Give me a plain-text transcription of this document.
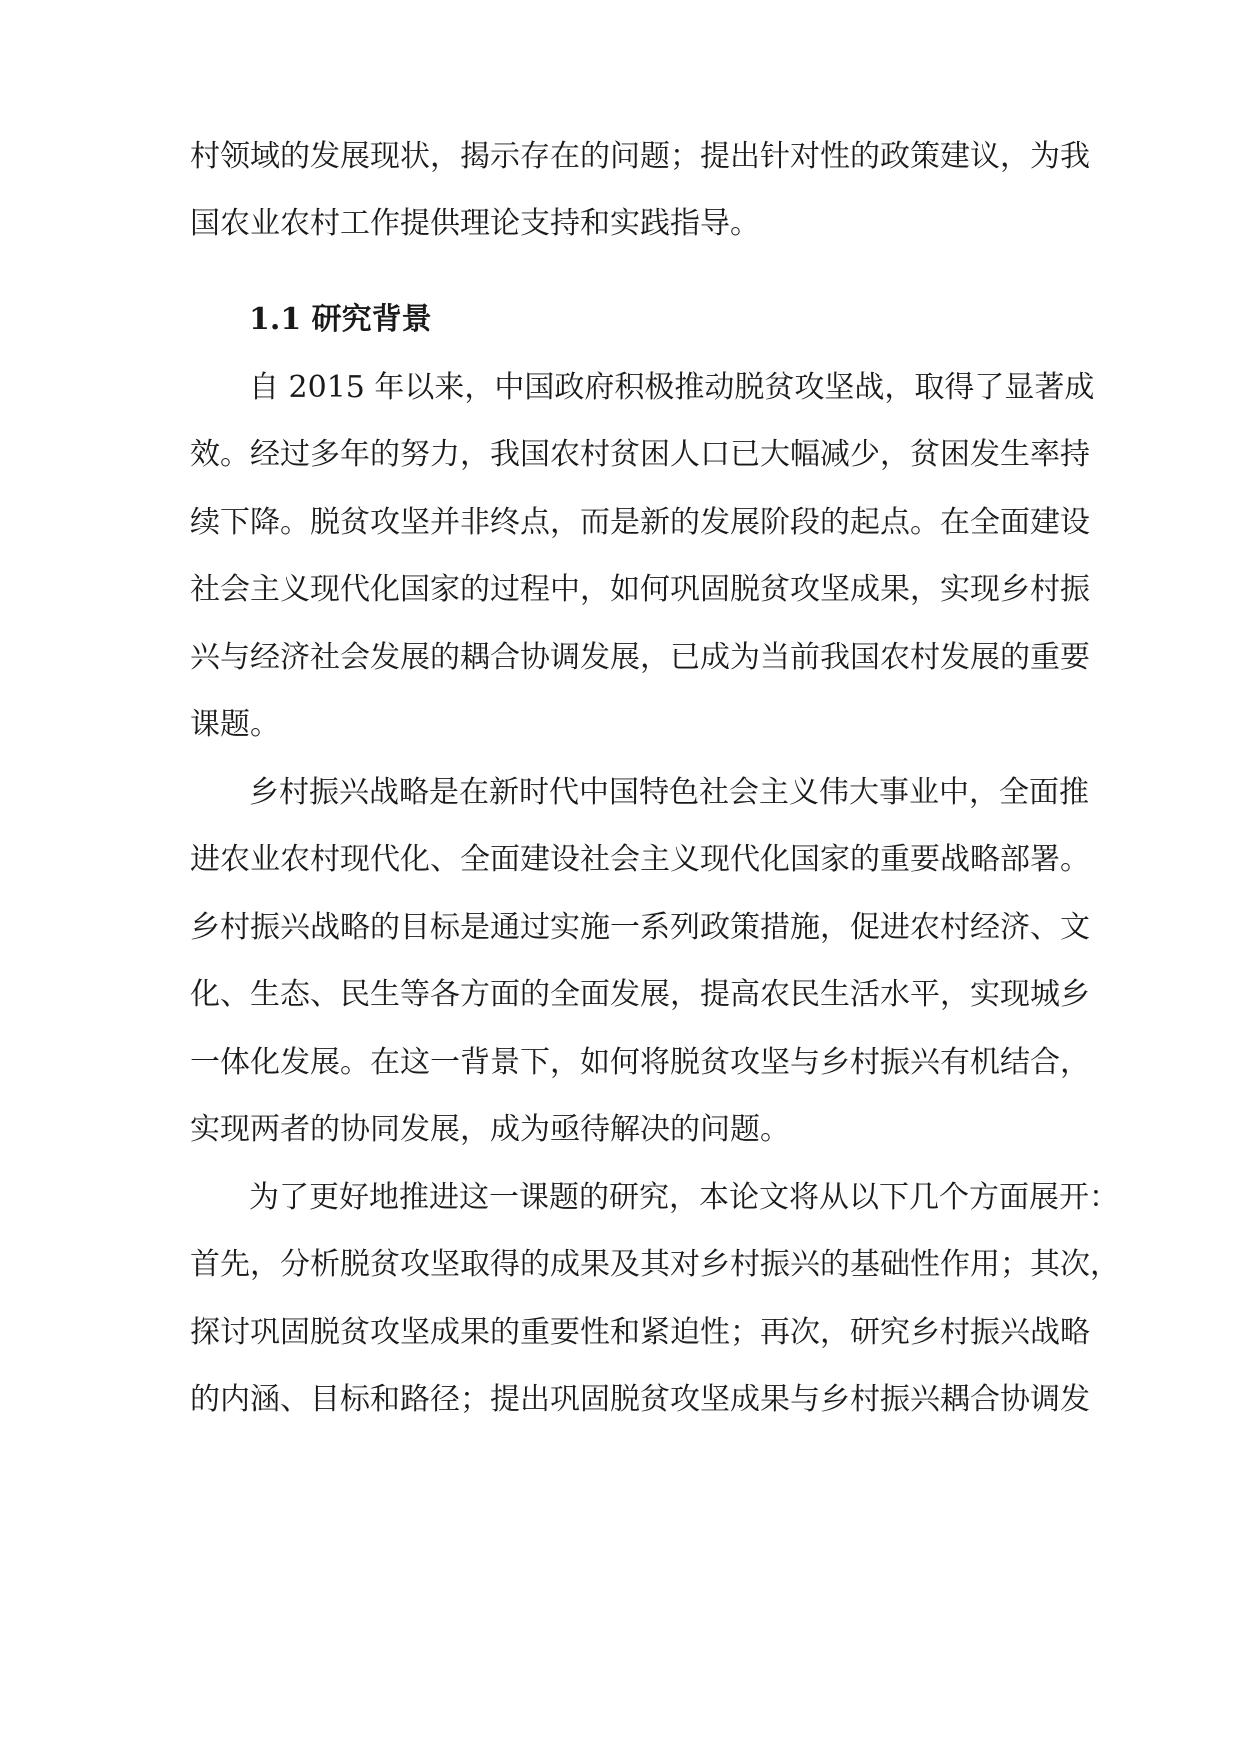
村领域的发展现状，揭示存在的问题；提出针对性的政策建议，为我

国农业农村工作提供理论支持和实践指导。

1.1 研究背景

自 2015 年以来，中国政府积极推动脱贫攻坚战，取得了显著成

效。经过多年的努力，我国农村贫困人口已大幅减少，贫困发生率持

续下降。脱贫攻坚并非终点，而是新的发展阶段的起点。在全面建设

社会主义现代化国家的过程中，如何巩固脱贫攻坚成果，实现乡村振

兴与经济社会发展的耦合协调发展，已成为当前我国农村发展的重要

课题。

乡村振兴战略是在新时代中国特色社会主义伟大事业中，全面推

进农业农村现代化、全面建设社会主义现代化国家的重要战略部署。

乡村振兴战略的目标是通过实施一系列政策措施，促进农村经济、文

化、生态、民生等各方面的全面发展，提高农民生活水平，实现城乡

一体化发展。在这一背景下，如何将脱贫攻坚与乡村振兴有机结合，

实现两者的协同发展，成为亟待解决的问题。

为了更好地推进这一课题的研究，本论文将从以下几个方面展开：

首先，分析脱贫攻坚取得的成果及其对乡村振兴的基础性作用；其次，

探讨巩固脱贫攻坚成果的重要性和紧迫性；再次，研究乡村振兴战略

的内涵、目标和路径；提出巩固脱贫攻坚成果与乡村振兴耦合协调发
